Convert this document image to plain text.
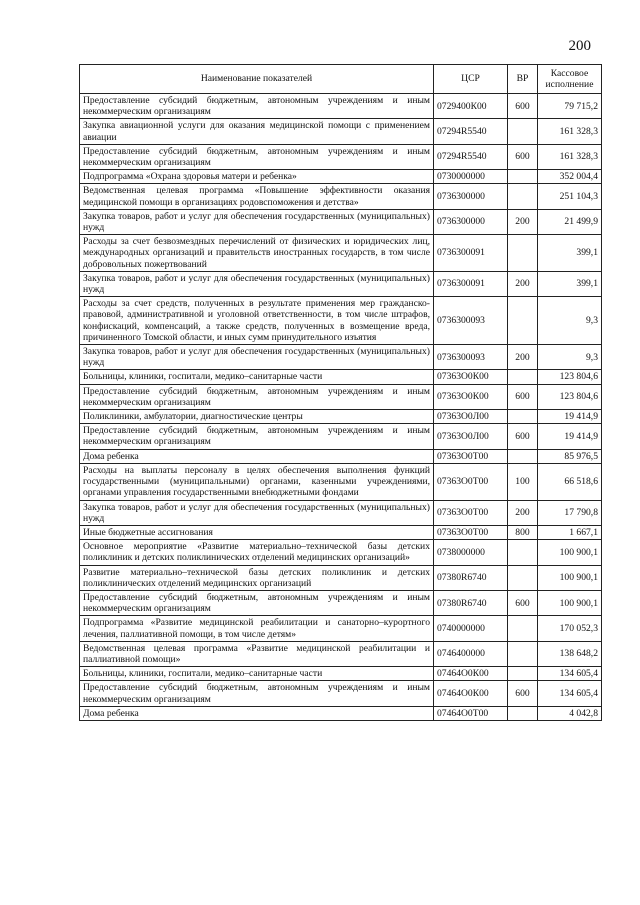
200
Наименование показателей	ЦСР	ВР	Кассовое исполнение
Предоставление субсидий бюджетным, автономным учреждениям и иным некоммерческим организациям	0729400К00	600	79 715,2
Закупка авиационной услуги для оказания медицинской помощи с применением авиации	07294R5540		161 328,3
Предоставление субсидий бюджетным, автономным учреждениям и иным некоммерческим организациям	07294R5540	600	161 328,3
Подпрограмма «Охрана здоровья матери и ребенка»	0730000000		352 004,4
Ведомственная целевая программа «Повышение эффективности оказания медицинской помощи в организациях родовспоможения и детства»	0736300000		251 104,3
Закупка товаров, работ и услуг для обеспечения государственных (муниципальных) нужд	0736300000	200	21 499,9
Расходы за счет безвозмездных перечислений от физических и юридических лиц, международных организаций и правительств иностранных государств, в том числе добровольных пожертвований	0736300091		399,1
Закупка товаров, работ и услуг для обеспечения государственных (муниципальных) нужд	0736300091	200	399,1
Расходы за счет средств, полученных в результате применения мер гражданско-правовой, административной и уголовной ответственности, в том числе штрафов, конфискаций, компенсаций, а также средств, полученных в возмещение вреда, причиненного Томской области, и иных сумм принудительного изъятия	0736300093		9,3
Закупка товаров, работ и услуг для обеспечения государственных (муниципальных) нужд	0736300093	200	9,3
Больницы, клиники, госпитали, медико–санитарные части	07363О0К00		123 804,6
Предоставление субсидий бюджетным, автономным учреждениям и иным некоммерческим организациям	07363О0К00	600	123 804,6
Поликлиники, амбулатории, диагностические центры	07363О0Л00		19 414,9
Предоставление субсидий бюджетным, автономным учреждениям и иным некоммерческим организациям	07363О0Л00	600	19 414,9
Дома ребенка	07363О0Т00		85 976,5
Расходы на выплаты персоналу в целях обеспечения выполнения функций государственными (муниципальными) органами, казенными учреждениями, органами управления государственными внебюджетными фондами	07363О0Т00	100	66 518,6
Закупка товаров, работ и услуг для обеспечения государственных (муниципальных) нужд	07363О0Т00	200	17 790,8
Иные бюджетные ассигнования	07363О0Т00	800	1 667,1
Основное мероприятие «Развитие материально–технической базы детских поликлиник и детских поликлинических отделений медицинских организаций»	0738000000		100 900,1
Развитие материально–технической базы детских поликлиник и детских поликлинических отделений медицинских организаций	07380R6740		100 900,1
Предоставление субсидий бюджетным, автономным учреждениям и иным некоммерческим организациям	07380R6740	600	100 900,1
Подпрограмма «Развитие медицинской реабилитации и санаторно–курортного лечения, паллиативной помощи, в том числе детям»	0740000000		170 052,3
Ведомственная целевая программа «Развитие медицинской реабилитации и паллиативной помощи»	0746400000		138 648,2
Больницы, клиники, госпитали, медико–санитарные части	07464О0К00		134 605,4
Предоставление субсидий бюджетным, автономным учреждениям и иным некоммерческим организациям	07464О0К00	600	134 605,4
Дома ребенка	07464О0Т00		4 042,8
